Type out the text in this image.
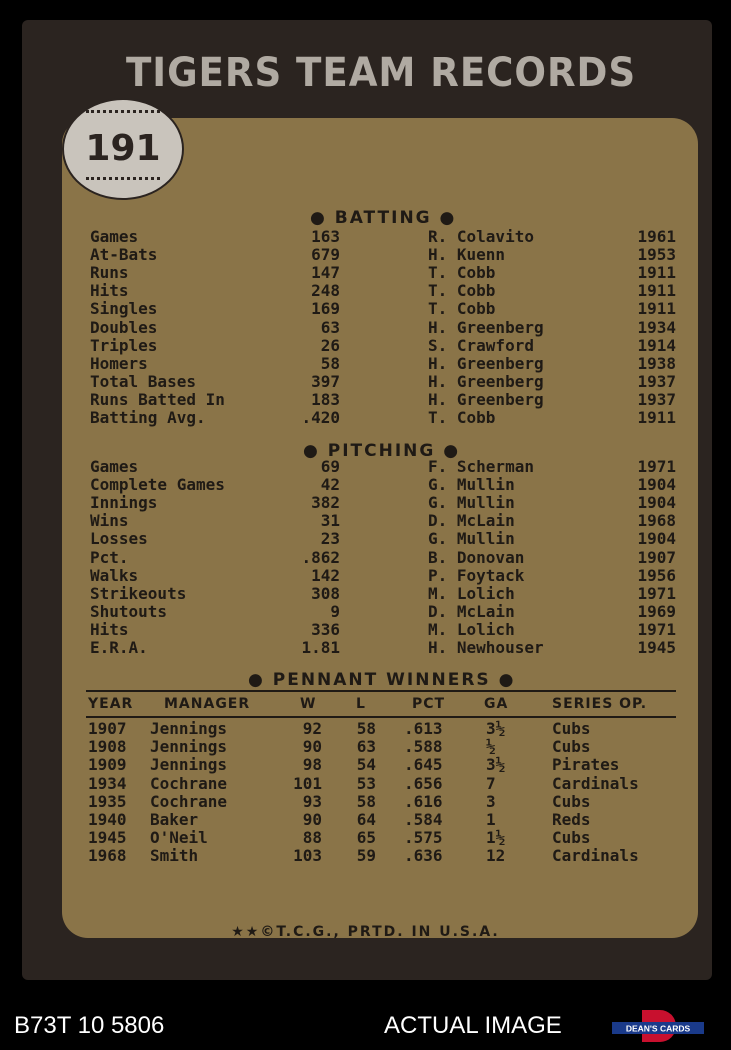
TIGERS TEAM RECORDS
191
● BATTING ●
Games	163	R. Colavito	1961
At-Bats	679	H. Kuenn	1953
Runs	147	T. Cobb	1911
Hits	248	T. Cobb	1911
Singles	169	T. Cobb	1911
Doubles	63	H. Greenberg	1934
Triples	26	S. Crawford	1914
Homers	58	H. Greenberg	1938
Total Bases	397	H. Greenberg	1937
Runs Batted In	183	H. Greenberg	1937
Batting Avg.	.420	T. Cobb	1911
● PITCHING ●
Games	69	F. Scherman	1971
Complete Games	42	G. Mullin	1904
Innings	382	G. Mullin	1904
Wins	31	D. McLain	1968
Losses	23	G. Mullin	1904
Pct.	.862	B. Donovan	1907
Walks	142	P. Foytack	1956
Strikeouts	308	M. Lolich	1971
Shutouts	9	D. McLain	1969
Hits	336	M. Lolich	1971
E.R.A.	1.81	H. Newhouser	1945
● PENNANT WINNERS ●
YEAR MANAGER	W	L	PCT	GA	SERIES OP.
1907 Jennings	92	58 .613	3½	Cubs
1908 Jennings	90	63 .588	½	Cubs
1909 Jennings	98	54 .645	3½	Pirates
1934 Cochrane	101	53 .656	7	Cardinals
1935 Cochrane	93	58 .616	3	Cubs
1940 Baker	90	64 .584	1	Reds
1945 O'Neil	88	65 .575	1½	Cubs
1968 Smith	103	59 .636	12	Cardinals
★★©T.C.G., PRTD. IN U.S.A.
B73T 10 5806	ACTUAL IMAGE	DEAN'S CARDS
